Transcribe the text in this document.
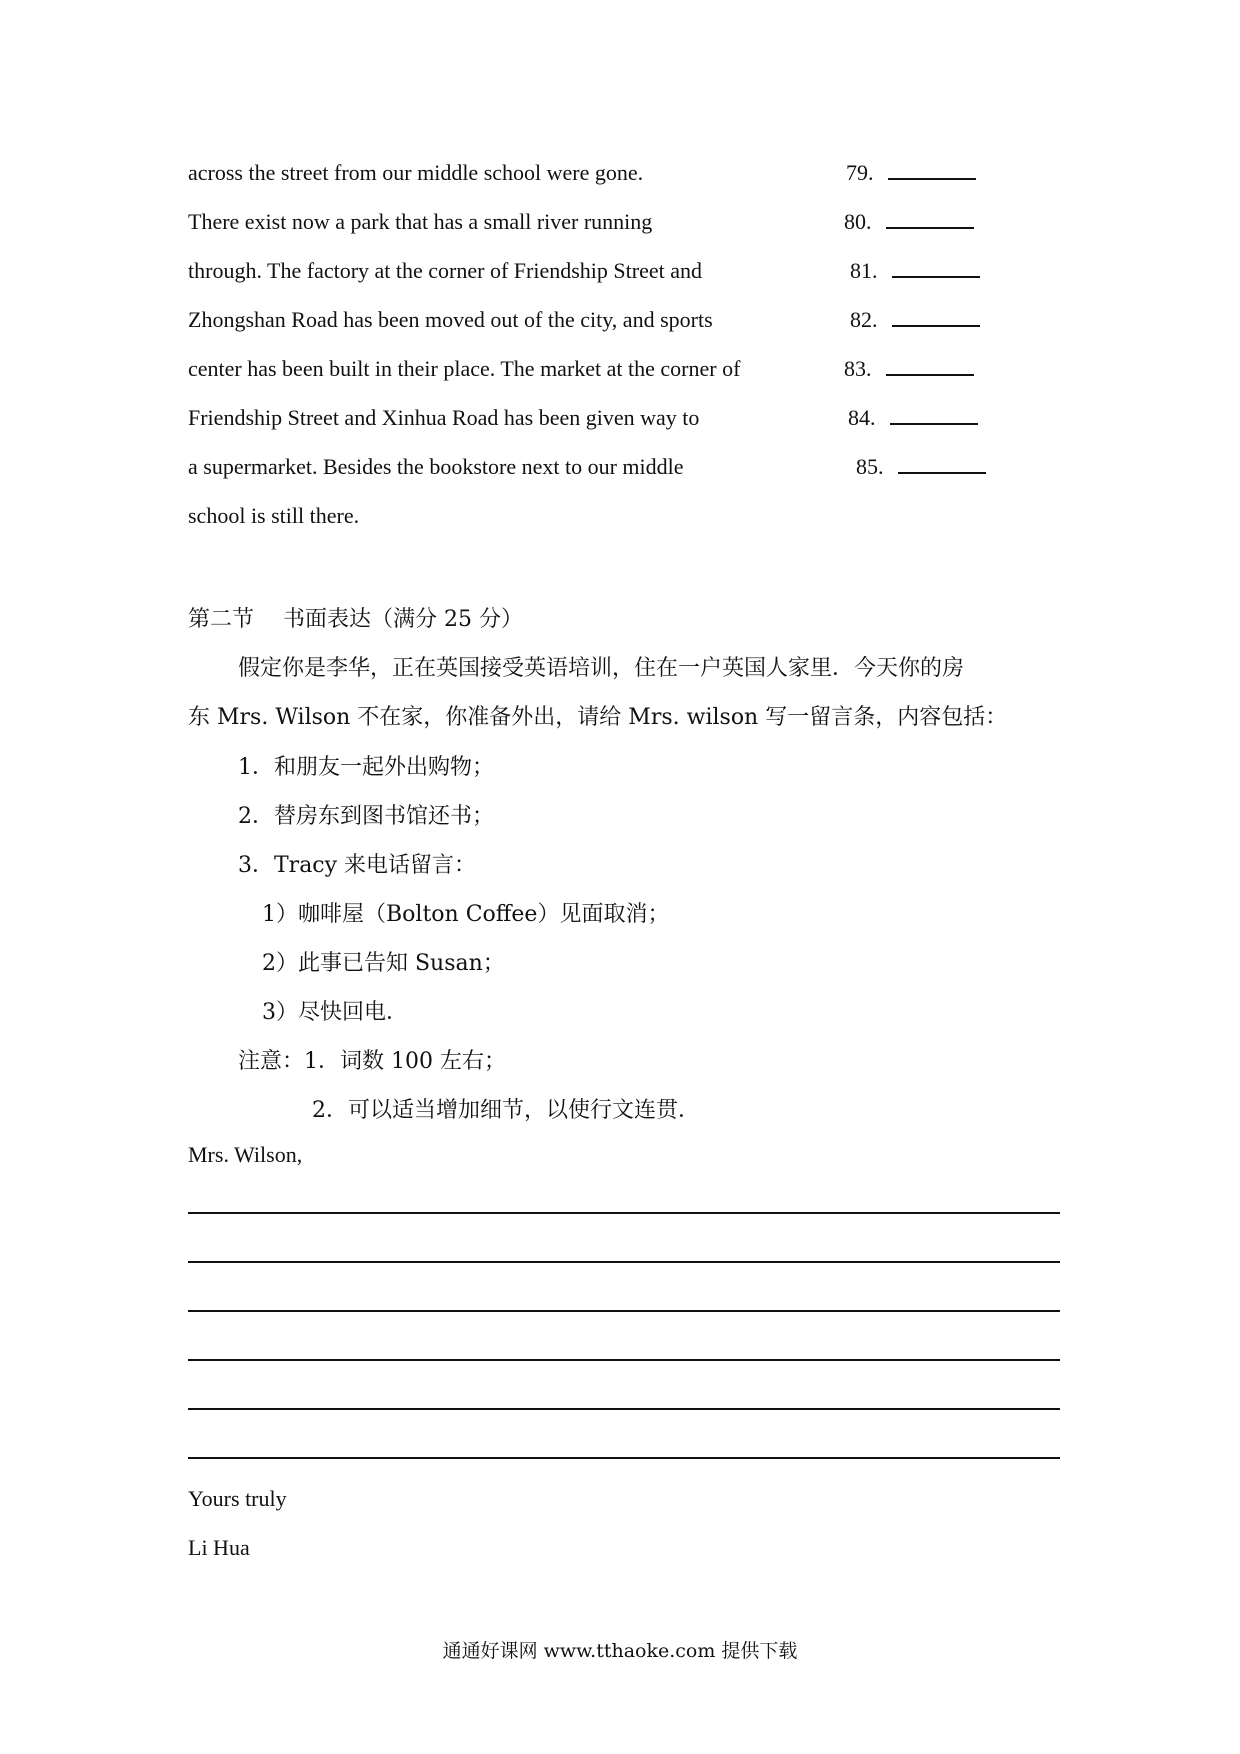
across the street from our middle school were gone.
There exist now a park that has a small river running
through. The factory at the corner of Friendship Street and
Zhongshan Road has been moved out of the city, and sports
center has been built in their place. The market at the corner of
Friendship Street and Xinhua Road has been given way to
a supermarket. Besides the bookstore next to our middle
school is still there.
79.
80.
81.
82.
83.
84.
85.
第二节　 书面表达（满分 25 分）
假定你是李华，正在英国接受英语培训，住在一户英国人家里．今天你的房
东 Mrs. Wilson 不在家，你准备外出，请给 Mrs. wilson 写一留言条，内容包括：
1．和朋友一起外出购物；
2．替房东到图书馆还书；
3．Tracy 来电话留言：
1）咖啡屋（Bolton Coffee）见面取消；
2）此事已告知 Susan；
3）尽快回电．
注意：1．词数 100 左右；
2．可以适当增加细节，以使行文连贯．
Mrs. Wilson,
Yours truly
Li Hua
通通好课网 www.tthaoke.com 提供下载
